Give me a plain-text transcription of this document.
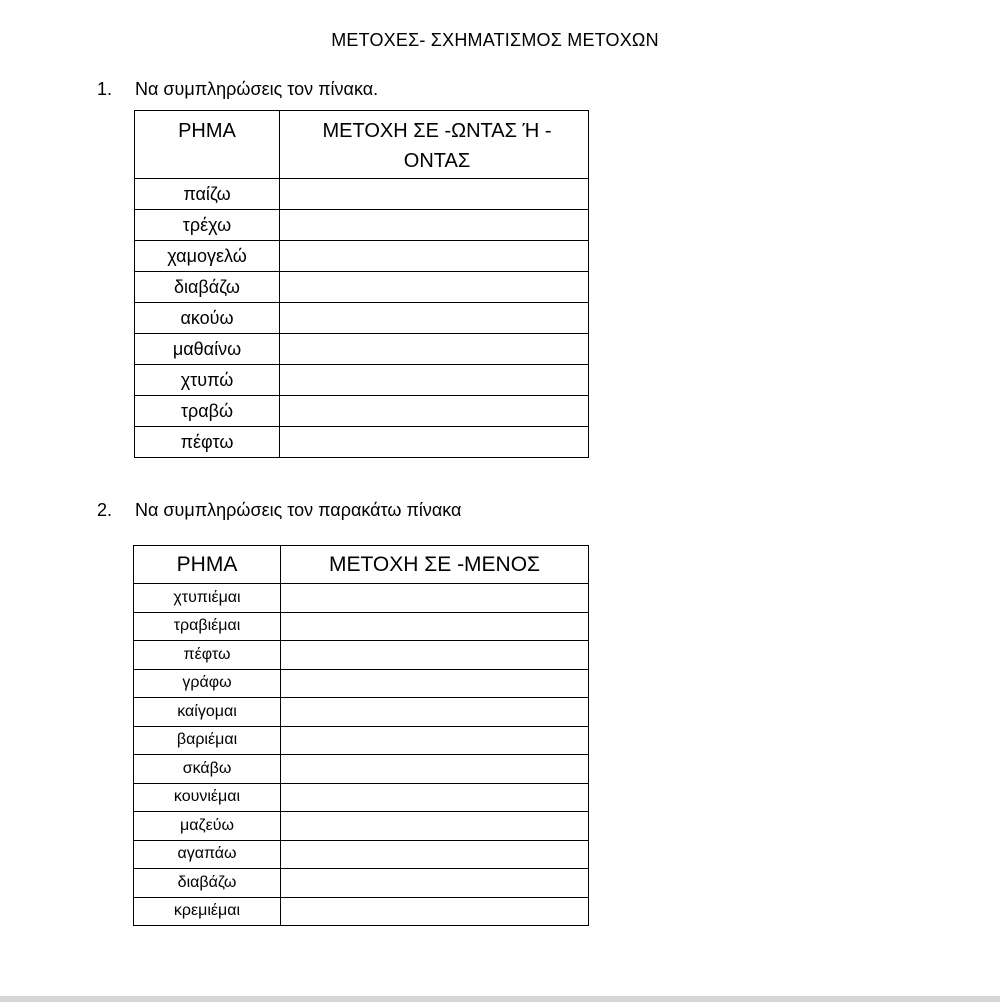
ΜΕΤΟΧΕΣ- ΣΧΗΜΑΤΙΣΜΟΣ ΜΕΤΟΧΩΝ
1.	Να συμπληρώσεις τον πίνακα.
ΡΗΜΑ	ΜΕΤΟΧΗ ΣΕ -ΩΝΤΑΣ Ή - ΟΝΤΑΣ
παίζω	
τρέχω	
χαμογελώ	
διαβάζω	
ακούω	
μαθαίνω	
χτυπώ	
τραβώ	
πέφτω	
2.	Να συμπληρώσεις τον παρακάτω πίνακα
ΡΗΜΑ	ΜΕΤΟΧΗ ΣΕ -ΜΕΝΟΣ
χτυπιέμαι	
τραβιέμαι	
πέφτω	
γράφω	
καίγομαι	
βαριέμαι	
σκάβω	
κουνιέμαι	
μαζεύω	
αγαπάω	
διαβάζω	
κρεμιέμαι	
